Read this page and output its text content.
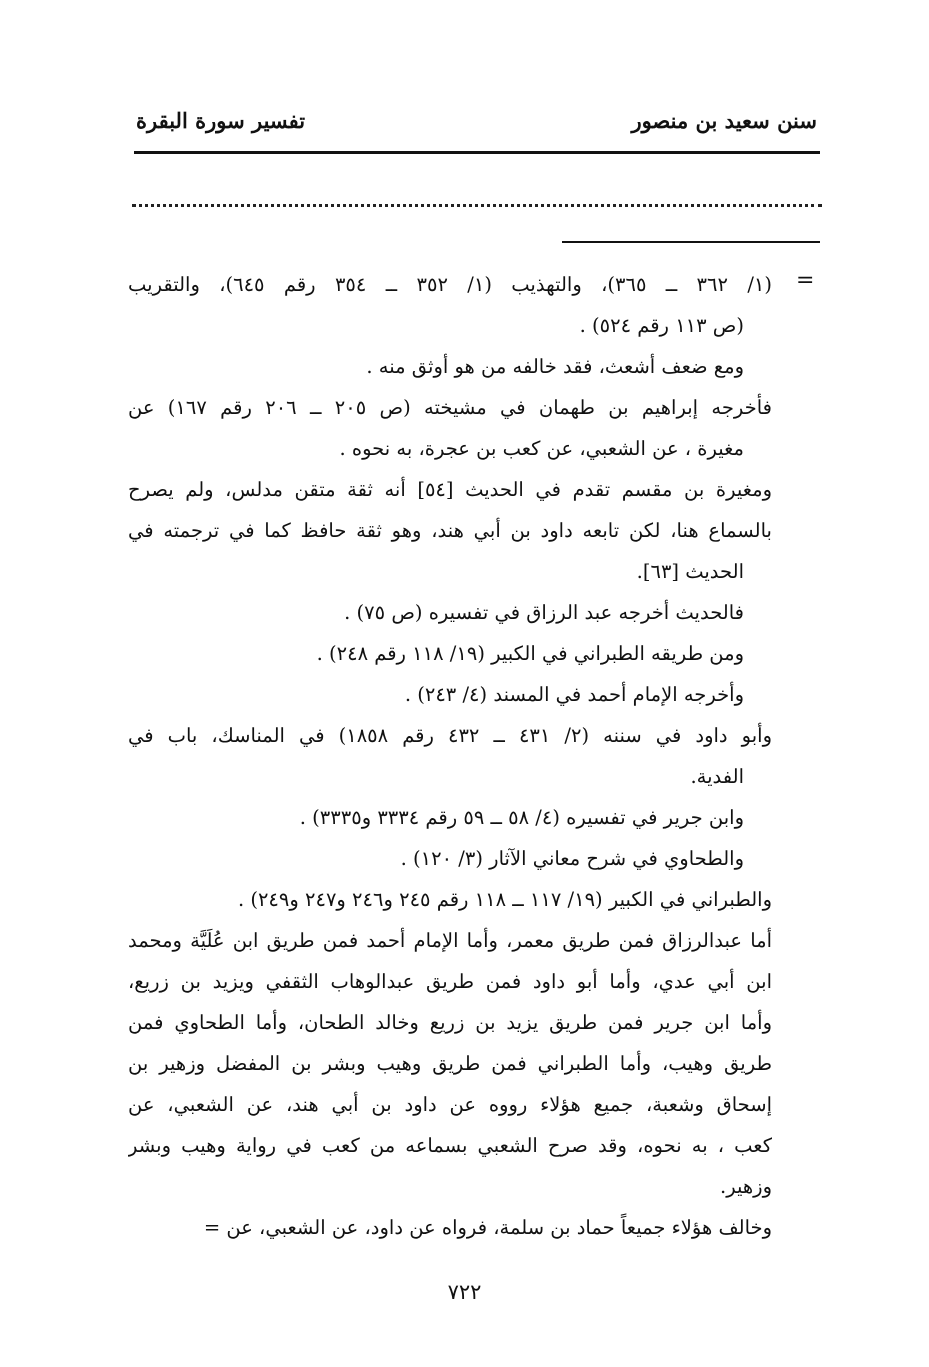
سنن سعيد بن منصور
تفسير سورة البقرة
=
(١/ ٣٦٢ ــ ٣٦٥)، والتهذيب (١/ ٣٥٢ ــ ٣٥٤ رقم ٦٤٥)، والتقريب
(ص ١١٣ رقم ٥٢٤) .
ومع ضعف أشعث، فقد خالفه من هو أوثق منه .
فأخرجه إبراهيم بن طهمان في مشيخته (ص ٢٠٥ ــ ٢٠٦ رقم ١٦٧) عن
مغيرة ، عن الشعبي، عن كعب بن عجرة، به نحوه .
ومغيرة بن مقسم تقدم في الحديث [٥٤] أنه ثقة متقن مدلس، ولم يصرح
بالسماع هنا، لكن تابعه داود بن أبي هند، وهو ثقة حافظ كما في ترجمته في
الحديث [٦٣].
فالحديث أخرجه عبد الرزاق في تفسيره (ص ٧٥) .
ومن طريقه الطبراني في الكبير (١٩/ ١١٨ رقم ٢٤٨) .
وأخرجه الإمام أحمد في المسند (٤/ ٢٤٣) .
وأبو داود في سننه (٢/ ٤٣١ ــ ٤٣٢ رقم ١٨٥٨) في المناسك، باب في
الفدية.
وابن جرير في تفسيره (٤/ ٥٨ ــ ٥٩ رقم ٣٣٣٤ و٣٣٣٥) .
والطحاوي في شرح معاني الآثار (٣/ ١٢٠) .
والطبراني في الكبير (١٩/ ١١٧ ــ ١١٨ رقم ٢٤٥ و٢٤٦ و٢٤٧ و٢٤٩) .
أما عبدالرزاق فمن طريق معمر، وأما الإمام أحمد فمن طريق ابن عُلَيَّة ومحمد
ابن أبي عدي، وأما أبو داود فمن طريق عبدالوهاب الثقفي ويزيد بن زريع،
وأما ابن جرير فمن طريق يزيد بن زريع وخالد الطحان، وأما الطحاوي فمن
طريق وهيب، وأما الطبراني فمن طريق وهيب وبشر بن المفضل وزهير بن
إسحاق وشعبة، جميع هؤلاء رووه عن داود بن أبي هند، عن الشعبي، عن
كعب ، به نحوه، وقد صرح الشعبي بسماعه من كعب في رواية وهيب وبشر
وزهير.
وخالف هؤلاء جميعاً حماد بن سلمة، فرواه عن داود، عن الشعبي، عن =
٧٢٢
